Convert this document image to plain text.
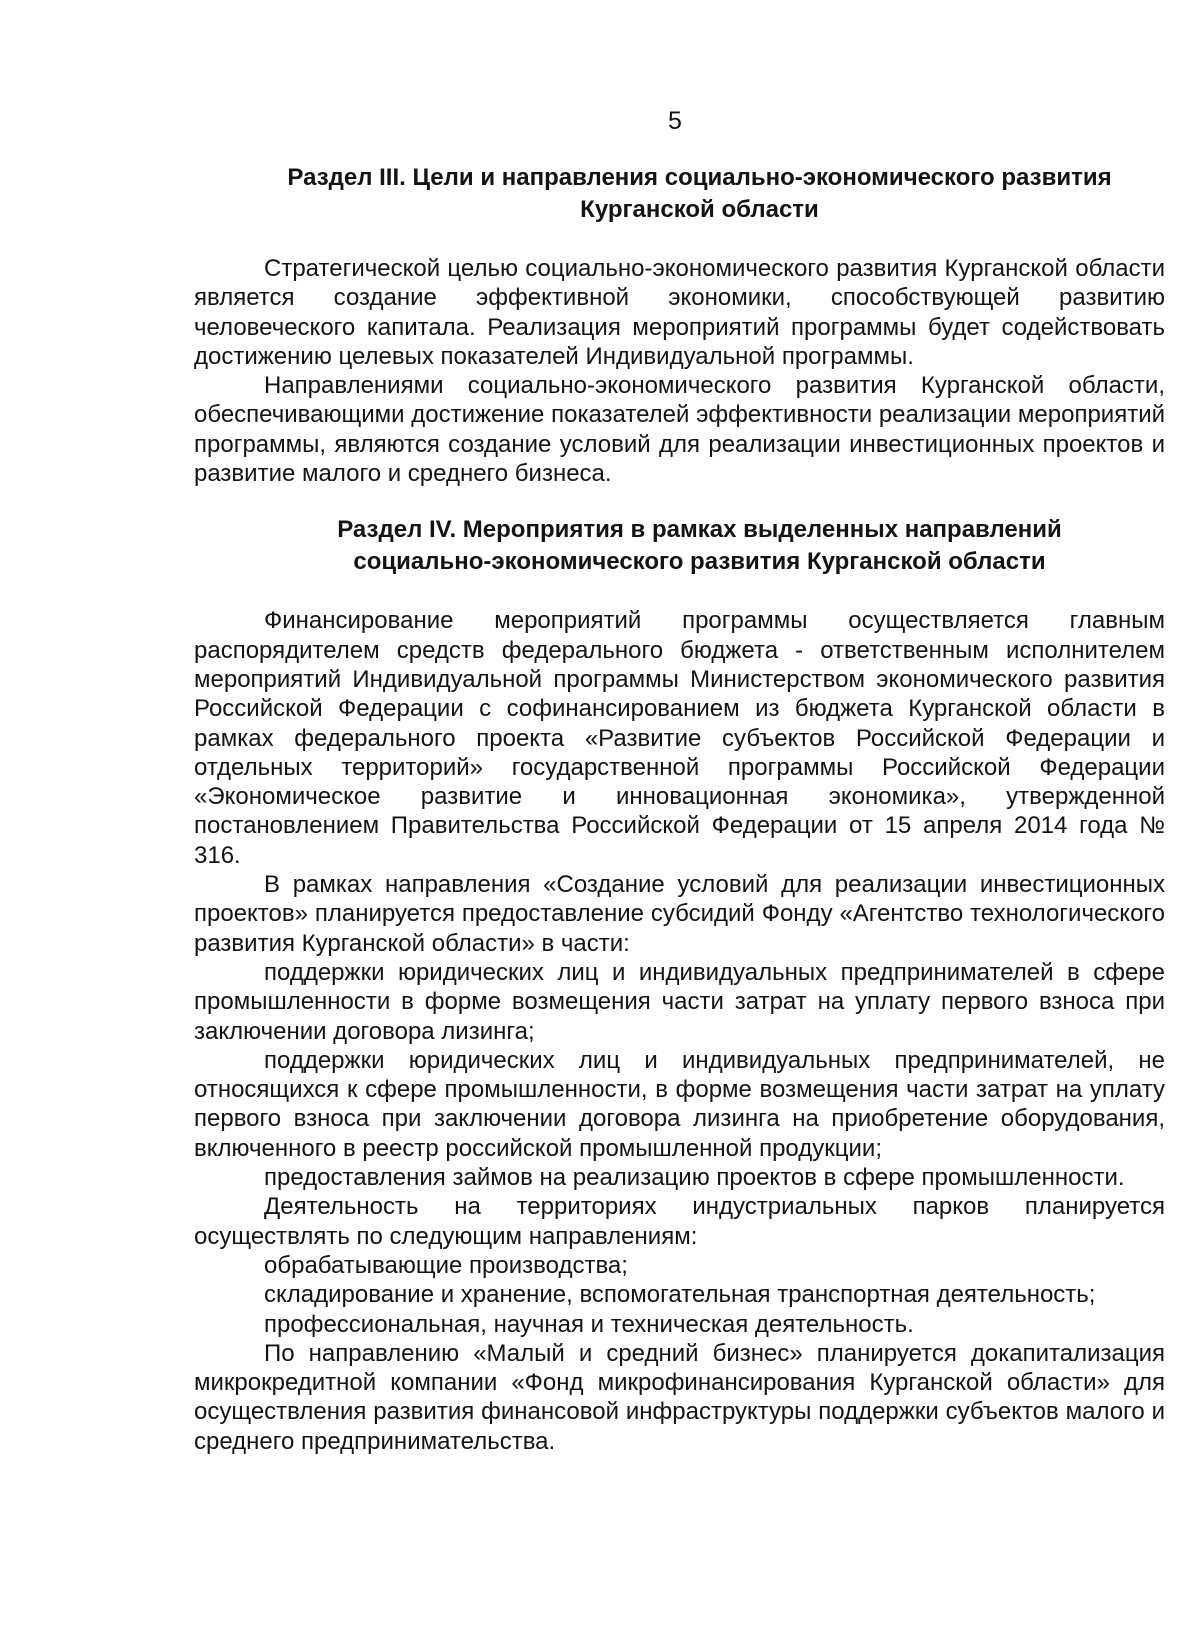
5
Раздел III. Цели и направления социально-экономического развития
Курганской области

Стратегической целью социально-экономического развития Курганской области является создание эффективной экономики, способствующей развитию человеческого капитала. Реализация мероприятий программы будет содействовать достижению целевых показателей Индивидуальной программы.

Направлениями социально-экономического развития Курганской области, обеспечивающими достижение показателей эффективности реализации мероприятий программы, являются создание условий для реализации инвестиционных проектов и развитие малого и среднего бизнеса.

Раздел IV. Мероприятия в рамках выделенных направлений
социально-экономического развития Курганской области

Финансирование мероприятий программы осуществляется главным распорядителем средств федерального бюджета - ответственным исполнителем мероприятий Индивидуальной программы Министерством экономического развития Российской Федерации с софинансированием из бюджета Курганской области в рамках федерального проекта «Развитие субъектов Российской Федерации и отдельных территорий» государственной программы Российской Федерации «Экономическое развитие и инновационная экономика», утвержденной постановлением Правительства Российской Федерации от 15 апреля 2014 года № 316.

В рамках направления «Создание условий для реализации инвестиционных проектов» планируется предоставление субсидий Фонду «Агентство технологического развития Курганской области» в части:

поддержки юридических лиц и индивидуальных предпринимателей в сфере промышленности в форме возмещения части затрат на уплату первого взноса при заключении договора лизинга;

поддержки юридических лиц и индивидуальных предпринимателей, не относящихся к сфере промышленности, в форме возмещения части затрат на уплату первого взноса при заключении договора лизинга на приобретение оборудования, включенного в реестр российской промышленной продукции;

предоставления займов на реализацию проектов в сфере промышленности.

Деятельность на территориях индустриальных парков планируется осуществлять по следующим направлениям:

обрабатывающие производства;

складирование и хранение, вспомогательная транспортная деятельность;

профессиональная, научная и техническая деятельность.

По направлению «Малый и средний бизнес» планируется докапитализация микрокредитной компании «Фонд микрофинансирования Курганской области» для осуществления развития финансовой инфраструктуры поддержки субъектов малого и среднего предпринимательства.
